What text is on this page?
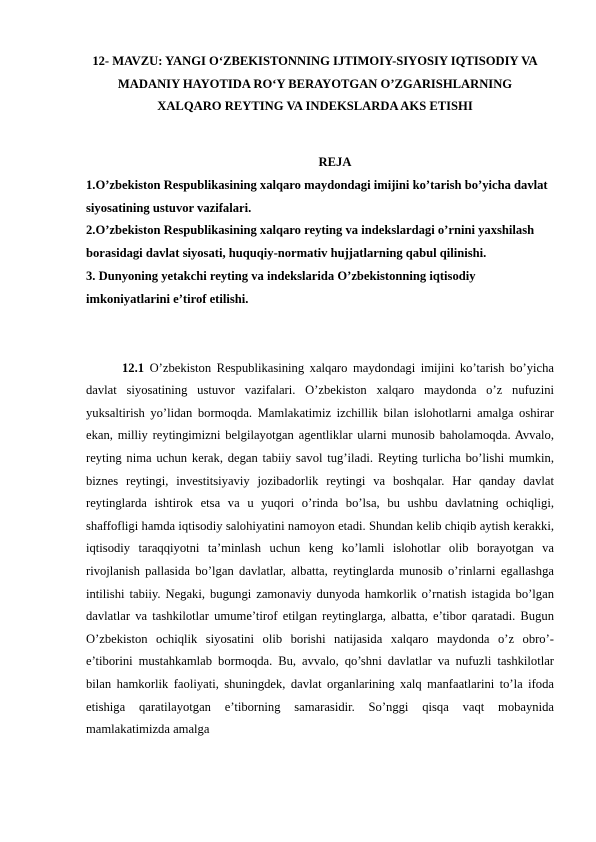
12- MAVZU: YANGI O‘ZBEKISTONNING IJTIMOIY-SIYOSIY IQTISODIY VA MADANIY HAYOTIDA RO‘Y BERAYOTGAN O’ZGARISHLARNING XALQARO REYTING VA INDEKSLARDA AKS ETISHI
REJA

1.O’zbekiston Respublikasining xalqaro maydondagi imijini ko’tarish bo’yicha davlat siyosatining ustuvor vazifalari.

2.O’zbekiston Respublikasining xalqaro reyting va indekslardagi o’rnini yaxshilash borasidagi davlat siyosati, huquqiy-normativ hujjatlarning qabul qilinishi.

3. Dunyoning yetakchi reyting va indekslarida O’zbekistonning iqtisodiy imkoniyatlarini e’tirof etilishi.

12.1 O’zbekiston Respublikasining xalqaro maydondagi imijini ko’tarish bo’yicha davlat siyosatining ustuvor vazifalari. O’zbekiston xalqaro maydonda o’z nufuzini yuksaltirish yo’lidan bormoqda. Mamlakatimiz izchillik bilan islohotlarni amalga oshirar ekan, milliy reytingimizni belgilayotgan agentliklar ularni munosib baholamoqda. Avvalo, reyting nima uchun kerak, degan tabiiy savol tug’iladi. Reyting turlicha bo’lishi mumkin, biznes reytingi, investitsiyaviy jozibadorlik reytingi va boshqalar. Har qanday davlat reytinglarda ishtirok etsa va u yuqori o’rinda bo’lsa, bu ushbu davlatning ochiqligi, shaffofligi hamda iqtisodiy salohiyatini namoyon etadi. Shundan kelib chiqib aytish kerakki, iqtisodiy taraqqiyotni ta’minlash uchun keng ko’lamli islohotlar olib borayotgan va rivojlanish pallasida bo’lgan davlatlar, albatta, reytinglarda munosib o’rinlarni egallashga intilishi tabiiy. Negaki, bugungi zamonaviy dunyoda hamkorlik o’rnatish istagida bo’lgan davlatlar va tashkilotlar umume’tirof etilgan reytinglarga, albatta, e’tibor qaratadi. Bugun O’zbekiston ochiqlik siyosatini olib borishi natijasida xalqaro maydonda o’z obro’- e’tiborini mustahkamlab bormoqda. Bu, avvalo, qo’shni davlatlar va nufuzli tashkilotlar bilan hamkorlik faoliyati, shuningdek, davlat organlarining xalq manfaatlarini to’la ifoda etishiga qaratilayotgan e’tiborning samarasidir. So’nggi qisqa vaqt mobaynida mamlakatimizda amalga
